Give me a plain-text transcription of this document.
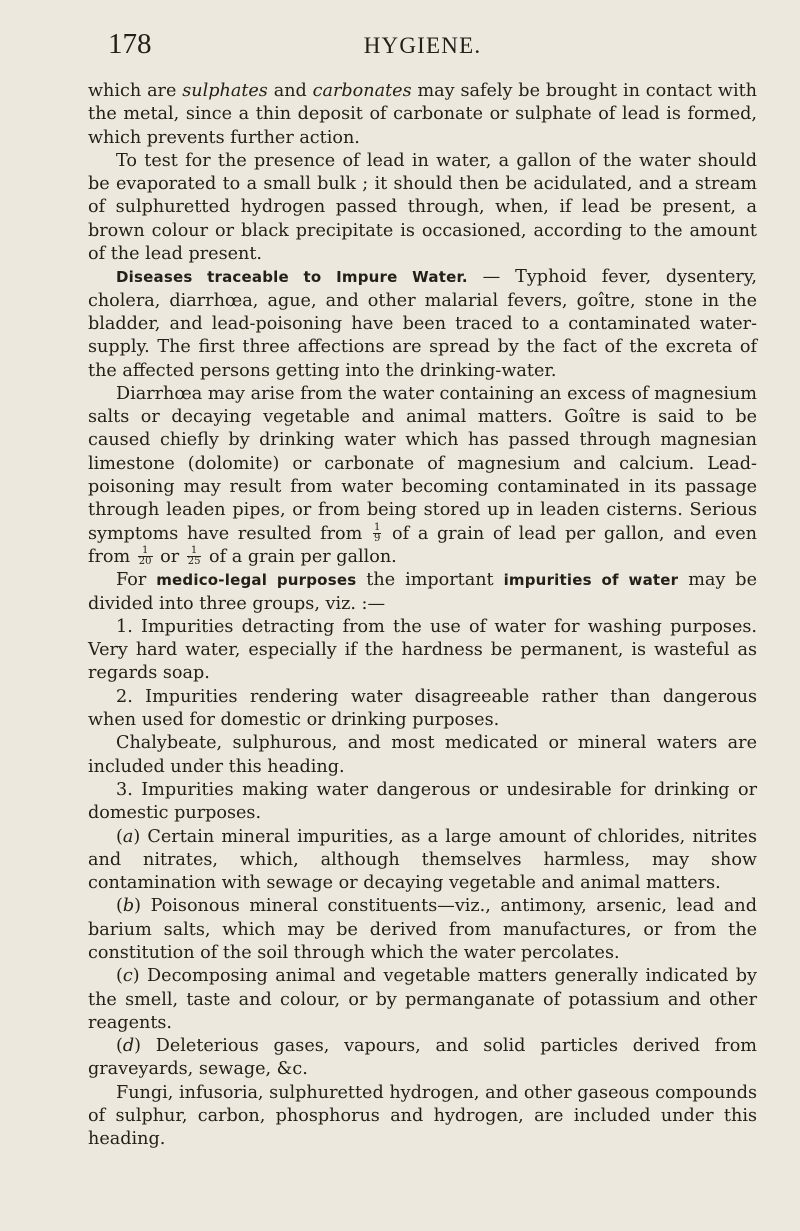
178	HYGIENE.

which are sulphates and carbonates may safely be brought in contact with the metal, since a thin deposit of carbonate or sulphate of lead is formed, which prevents further action.

To test for the presence of lead in water, a gallon of the water should be evaporated to a small bulk ; it should then be acidulated, and a stream of sulphuretted hydrogen passed through, when, if lead be present, a brown colour or black precipitate is occasioned, according to the amount of the lead present.

Diseases traceable to Impure Water. — Typhoid fever, dysentery, cholera, diarrhœa, ague, and other malarial fevers, goître, stone in the bladder, and lead-poisoning have been traced to a contaminated water-supply. The first three affections are spread by the fact of the excreta of the affected persons getting into the drinking-water.

Diarrhœa may arise from the water containing an excess of magnesium salts or decaying vegetable and animal matters. Goître is said to be caused chiefly by drinking water which has passed through magnesian limestone (dolomite) or carbonate of magnesium and calcium. Lead-poisoning may result from water becoming contaminated in its passage through leaden pipes, or from being stored up in leaden cisterns. Serious symptoms have resulted from $\frac{1}{9}$ of a grain of lead per gallon, and even from $\frac{1}{20}$ or $\frac{1}{25}$ of a grain per gallon.

For medico-legal purposes the important impurities of water may be divided into three groups, viz. :—

1. Impurities detracting from the use of water for washing purposes. Very hard water, especially if the hardness be permanent, is wasteful as regards soap.

2. Impurities rendering water disagreeable rather than dangerous when used for domestic or drinking purposes.

Chalybeate, sulphurous, and most medicated or mineral waters are included under this heading.

3. Impurities making water dangerous or undesirable for drinking or domestic purposes.

(a) Certain mineral impurities, as a large amount of chlorides, nitrites and nitrates, which, although themselves harmless, may show contamination with sewage or decaying vegetable and animal matters.

(b) Poisonous mineral constituents—viz., antimony, arsenic, lead and barium salts, which may be derived from manufactures, or from the constitution of the soil through which the water percolates.

(c) Decomposing animal and vegetable matters generally indicated by the smell, taste and colour, or by permanganate of potassium and other reagents.

(d) Deleterious gases, vapours, and solid particles derived from graveyards, sewage, &c.

Fungi, infusoria, sulphuretted hydrogen, and other gaseous compounds of sulphur, carbon, phosphorus and hydrogen, are included under this heading.
